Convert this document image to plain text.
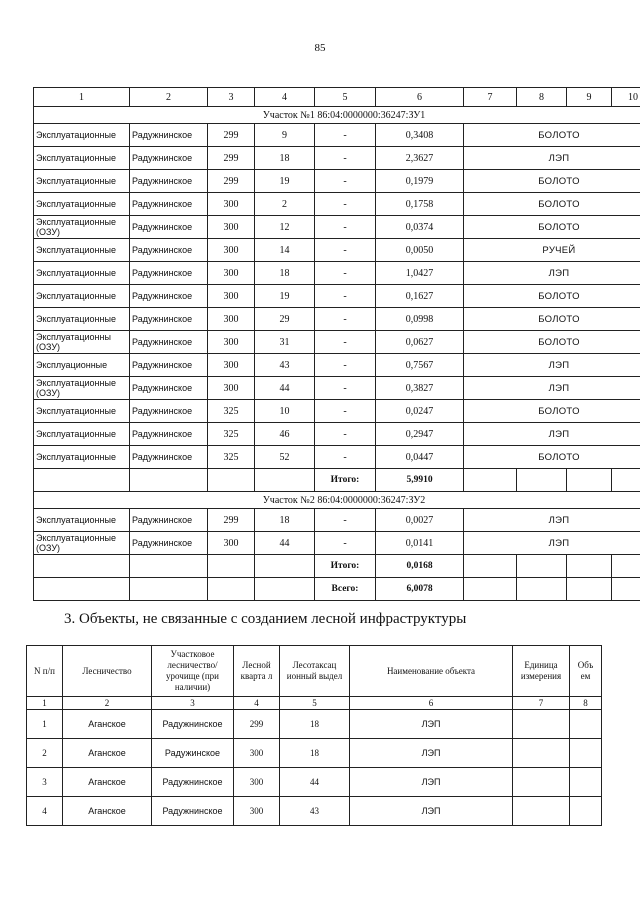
85
1	2	3	4	5	6	7	8	9	10
Участок №1 86:04:0000000:36247:ЗУ1									
Эксплуатационные	Радужнинское	299	9	-	0,3408	БОЛОТО			
Эксплуатационные	Радужнинское	299	18	-	2,3627	ЛЭП			
Эксплуатационные	Радужнинское	299	19	-	0,1979	БОЛОТО			
Эксплуатационные	Радужнинское	300	2	-	0,1758	БОЛОТО			
Эксплуатационные (ОЗУ)	Радужнинское	300	12	-	0,0374	БОЛОТО			
Эксплуатационные	Радужнинское	300	14	-	0,0050	РУЧЕЙ			
Эксплуатационные	Радужнинское	300	18	-	1,0427	ЛЭП			
Эксплуатационные	Радужнинское	300	19	-	0,1627	БОЛОТО			
Эксплуатационные	Радужнинское	300	29	-	0,0998	БОЛОТО			
Эксплуатационны (ОЗУ)	Радужнинское	300	31	-	0,0627	БОЛОТО			
Эксплуационные	Радужнинское	300	43	-	0,7567	ЛЭП			
Эксплуатационные (ОЗУ)	Радужнинское	300	44	-	0,3827	ЛЭП			
Эксплуатационные	Радужнинское	325	10	-	0,0247	БОЛОТО			
Эксплуатационные	Радужнинское	325	46	-	0,2947	ЛЭП			
Эксплуатационные	Радужнинское	325	52	-	0,0447	БОЛОТО			
				Итого:	5,9910				
Участок №2 86:04:0000000:36247:ЗУ2									
Эксплуатационные	Радужнинское	299	18	-	0,0027	ЛЭП			
Эксплуатационные (ОЗУ)	Радужнинское	300	44	-	0,0141	ЛЭП			
				Итого:	0,0168				
				Всего:	6,0078				
3. Объекты, не связанные с созданием лесной инфраструктуры
N п/п	Лесничество	Участковое лесничество/ урочище (при наличии)	Лесной кварта л	Лесотаксац ионный выдел	Наименование объекта	Единица измерения	Объ ем
1	2	3	4	5	6	7	8
1	Аганское	Радужнинское	299	18	ЛЭП		
2	Аганское	Радужинское	300	18	ЛЭП		
3	Аганское	Радужнинское	300	44	ЛЭП		
4	Аганское	Радужнинское	300	43	ЛЭП		
